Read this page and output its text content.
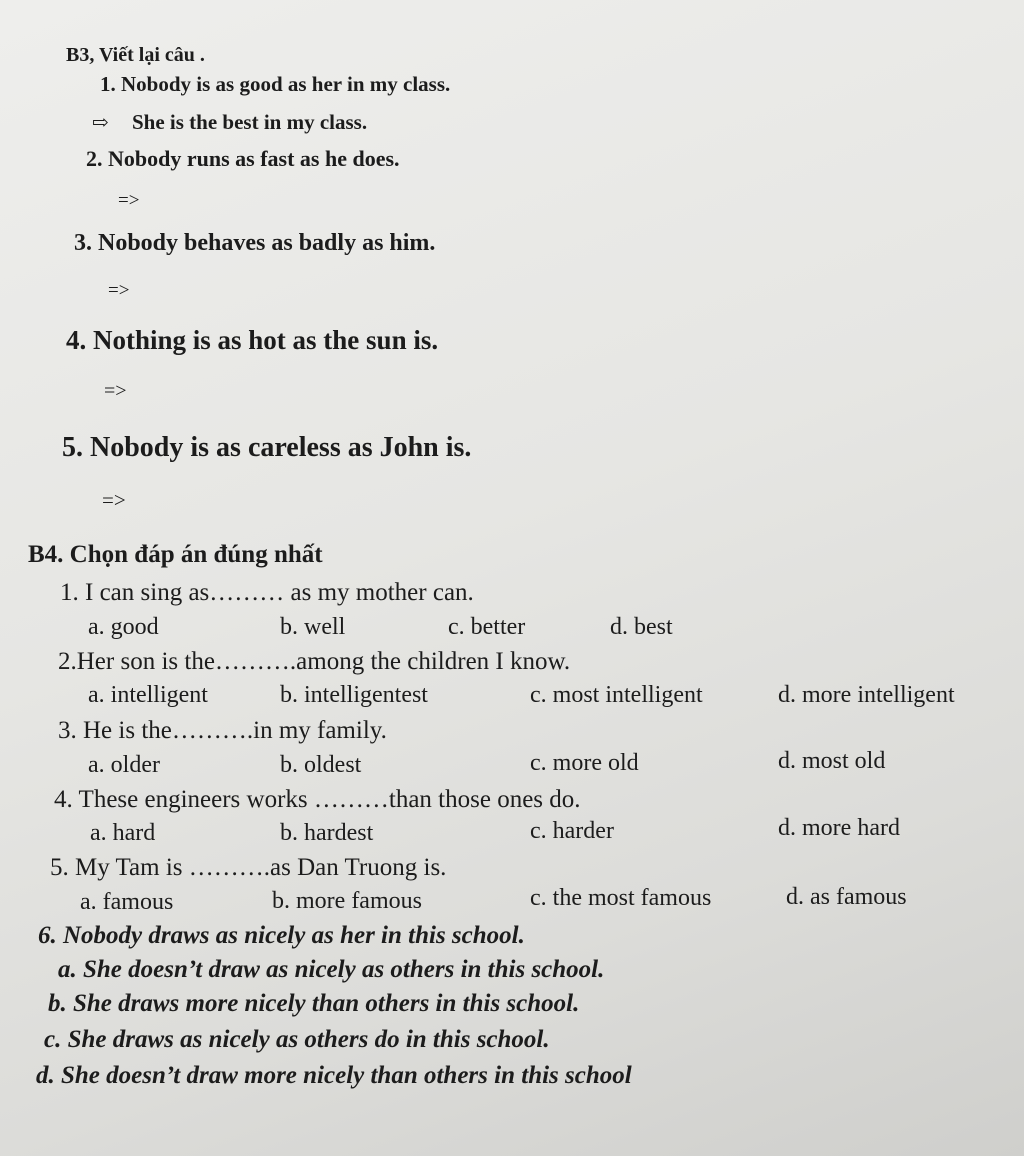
B3, Viết lại câu .
1. Nobody is as good as her in my class.
⇨ She is the best in my class.
2. Nobody runs as fast as he does.
=>
3. Nobody behaves as badly as him.
=>
4. Nothing is as hot as the sun is.
=>
5. Nobody is as careless as John is.
=>
B4. Chọn đáp án đúng nhất
1. I can sing as……… as my mother can.
a. good	b. well	c. better	d. best
2.Her son is the……….among the children I know.
a. intelligent	b. intelligentest	c. most intelligent	d. more intelligent
3. He is the……….in my family.
a. older	b. oldest	c. more old	d. most old
4. These engineers works ………than those ones do.
a. hard	b. hardest	c. harder	d. more hard
5. My Tam is ……….as Dan Truong is.
a. famous	b. more famous	c. the most famous	d. as famous
6. Nobody draws as nicely as her in this school.
a. She doesn’t draw as nicely as others in this school.
b. She draws more nicely than others in this school.
c. She draws as nicely as others do in this school.
d. She doesn’t draw more nicely than others in this school
